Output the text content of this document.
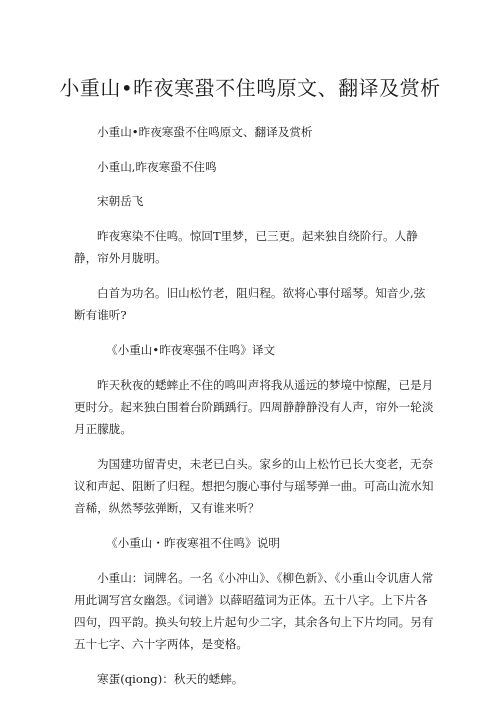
小重山•昨夜寒蛩不住鸣原文、翻译及赏析

小重山•昨夜寒蛩不住鸣原文、翻译及赏析

小重山,昨夜寒蛩不住鸣

宋朝岳飞

昨夜寒染不住鸣。惊回T里梦，已三更。起来独自绕阶行。人静静，帘外月胧明。

白首为功名。旧山松竹老，阻归程。欲将心事付瑶琴。知音少,弦断有谁听?

《小重山•昨夜寒强不住鸣》译文

昨天秋夜的蟋蟀止不住的鸣叫声将我从遥远的梦境中惊醒，已是月更时分。起来独白围着台阶踽踽行。四周静静静没有人声，帘外一轮淡月正朦胧。

为国建功留青史，未老已白头。家乡的山上松竹已长大变老，无奈议和声起、阻断了归程。想把匀腹心事付与瑶琴弹一曲。可高山流水知音稀，纵然琴弦弹断，又有谁来听？

《小重山・昨夜寒祖不住鸣》说明

小重山：词牌名。一名《小冲山》、《柳色新》、《小重山令讥唐人常用此调写宫女幽怨。《词谱》以薛昭蕴词为正体。五十八字。上下片各四句，四平韵。换头句较上片起句少二字，其余各句上下片均同。另有五十七字、六十字两体，是变格。

寒蛋(qiong)：秋天的蟋蟀。
